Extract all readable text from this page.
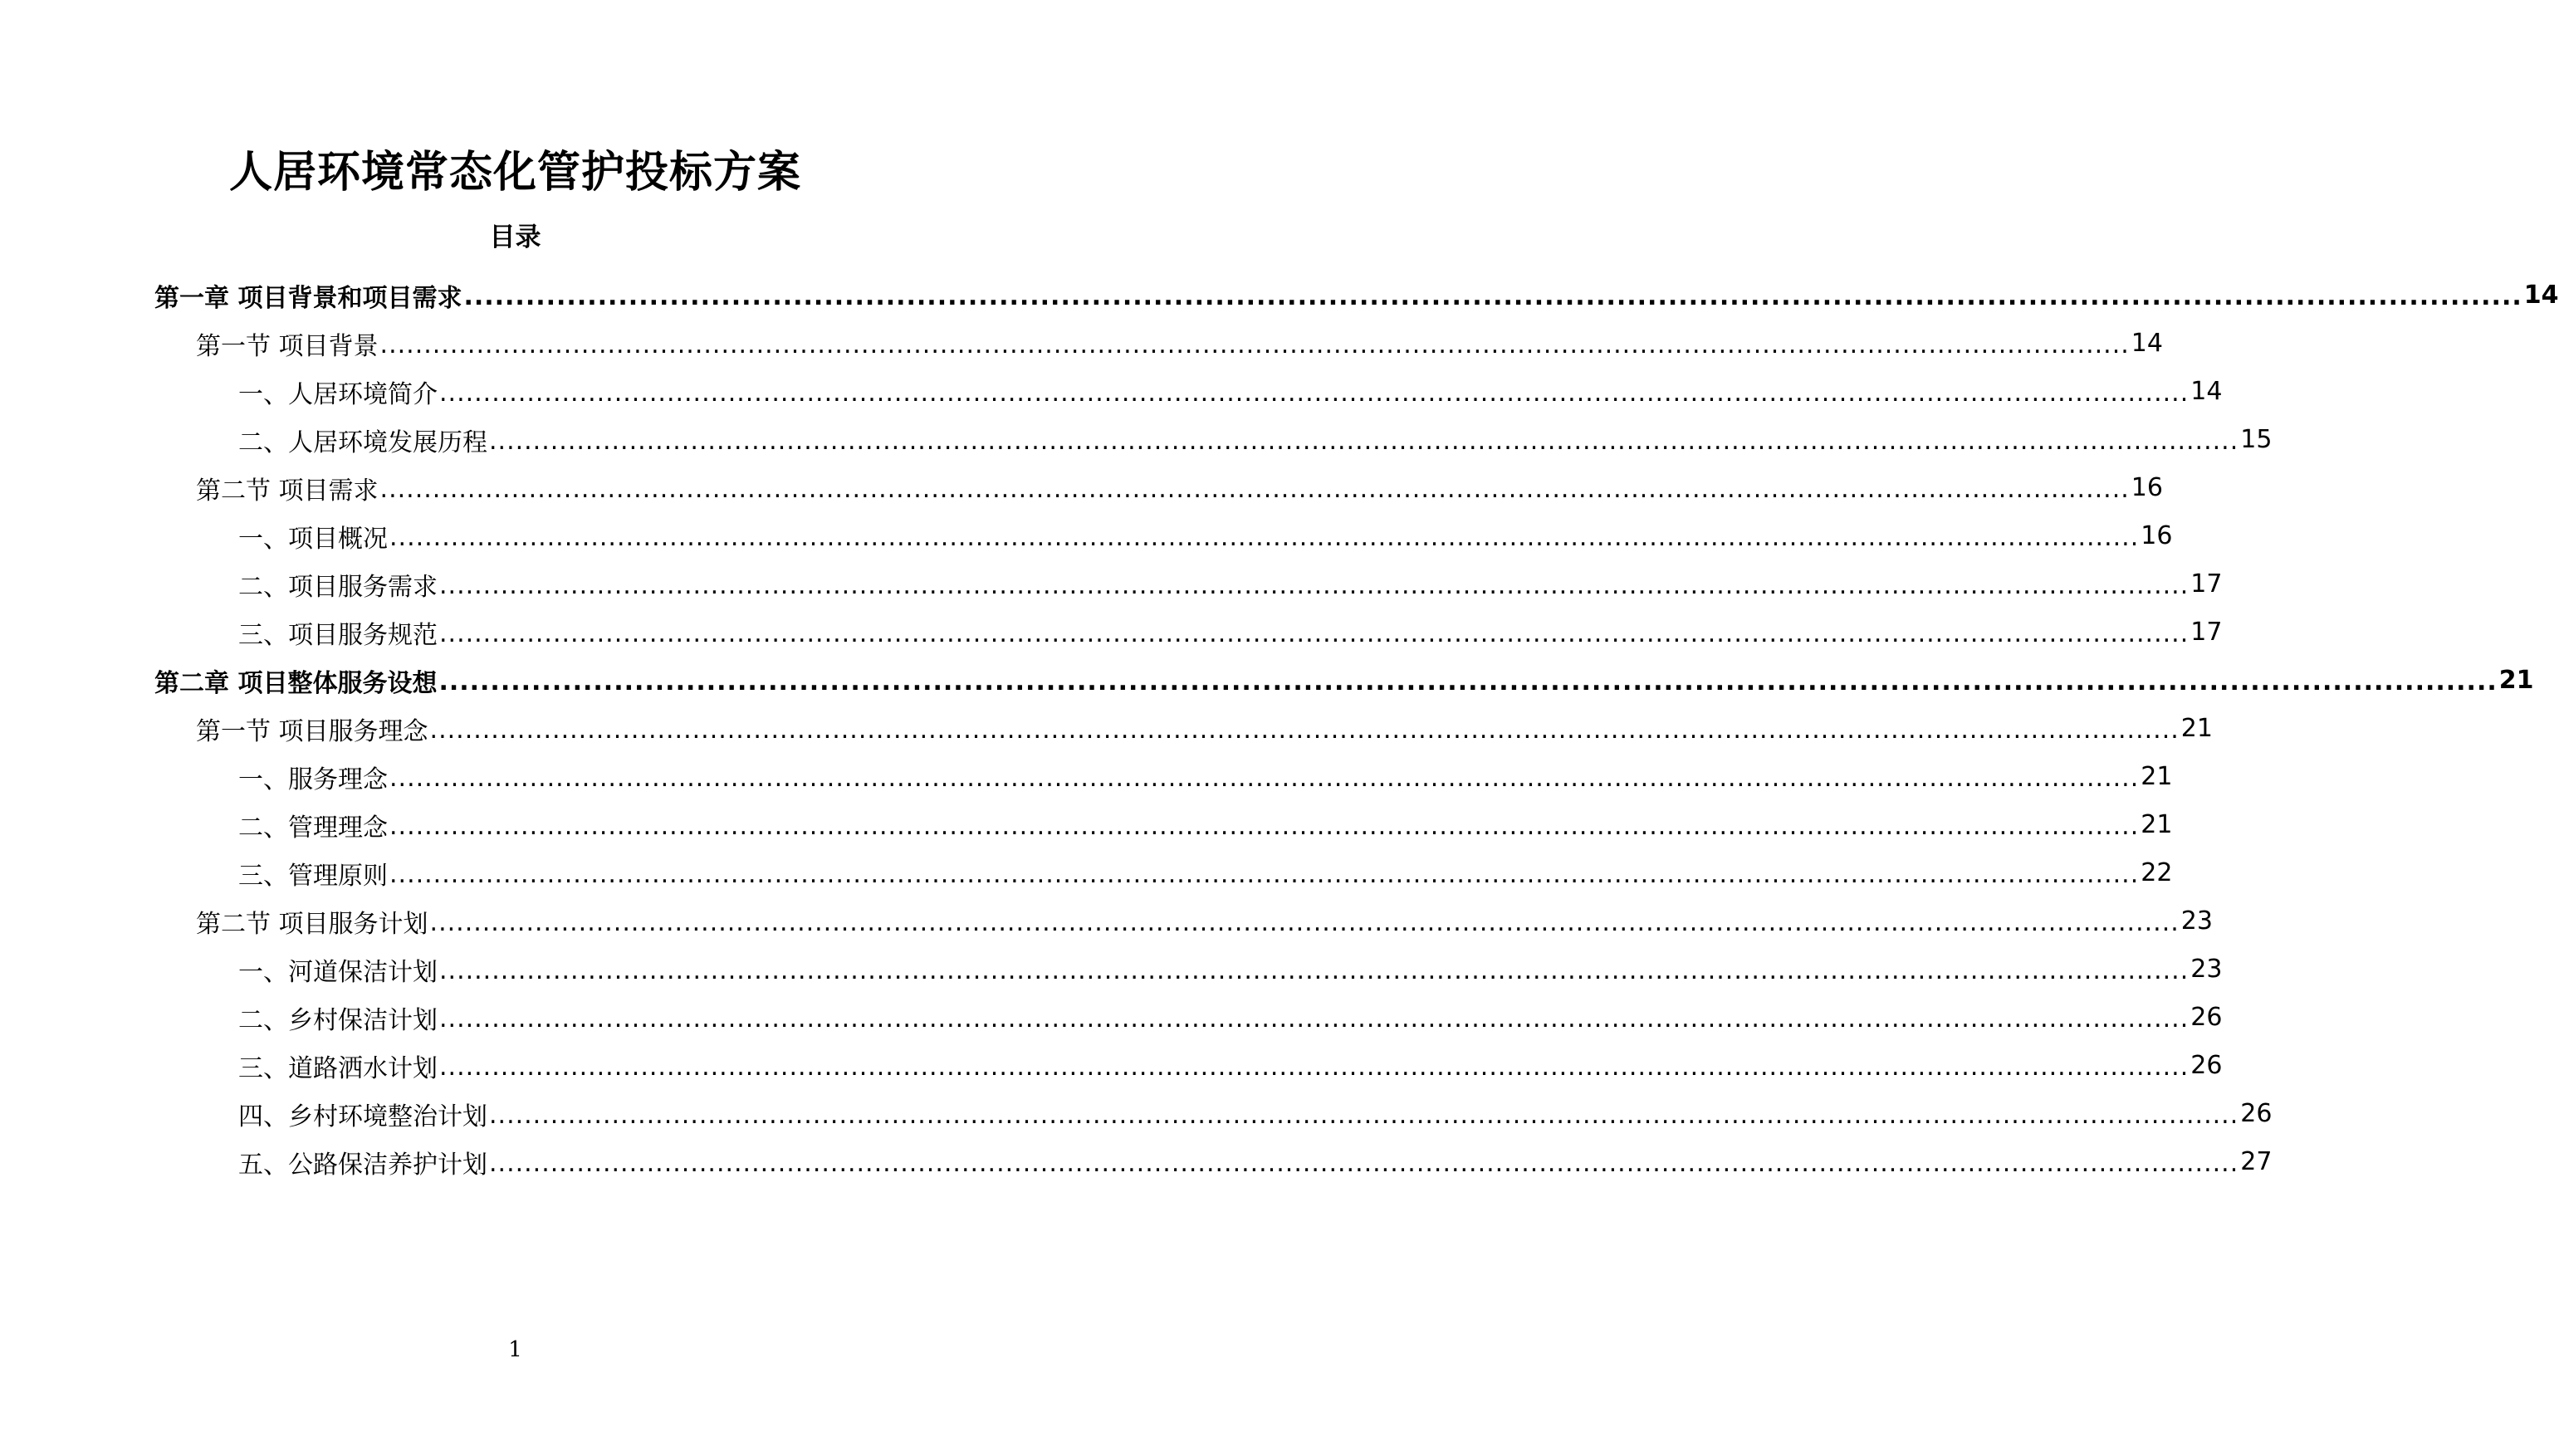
人居环境常态化管护投标方案
目录
第一章 项目背景和项目需求 ........................................................................................................................................................................................................ 14
第一节 项目背景 ........................................................................................................................................................................................................ 14
一、人居环境简介 ........................................................................................................................................................................................................ 14
二、人居环境发展历程 ........................................................................................................................................................................................................ 15
第二节 项目需求 ........................................................................................................................................................................................................ 16
一、项目概况 ........................................................................................................................................................................................................ 16
二、项目服务需求 ........................................................................................................................................................................................................ 17
三、项目服务规范 ........................................................................................................................................................................................................ 17
第二章 项目整体服务设想 ........................................................................................................................................................................................................ 21
第一节 项目服务理念 ........................................................................................................................................................................................................ 21
一、服务理念 ........................................................................................................................................................................................................ 21
二、管理理念 ........................................................................................................................................................................................................ 21
三、管理原则 ........................................................................................................................................................................................................ 22
第二节 项目服务计划 ........................................................................................................................................................................................................ 23
一、河道保洁计划 ........................................................................................................................................................................................................ 23
二、乡村保洁计划 ........................................................................................................................................................................................................ 26
三、道路洒水计划 ........................................................................................................................................................................................................ 26
四、乡村环境整治计划 ........................................................................................................................................................................................................ 26
五、公路保洁养护计划 ........................................................................................................................................................................................................ 27
1
